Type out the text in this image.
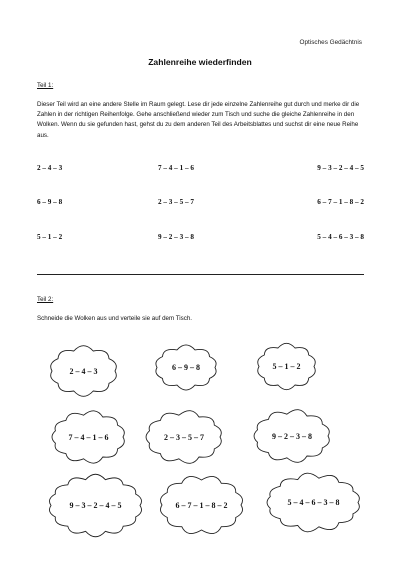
Optisches Gedächtnis
Zahlenreihe wiederfinden
Teil 1:
Dieser Teil wird an eine andere Stelle im Raum gelegt. Lese dir jede einzelne Zahlenreihe gut durch und merke dir die Zahlen in der richtigen Reihenfolge. Gehe anschließend wieder zum Tisch und suche die gleiche Zahlenreihe in den Wolken. Wenn du sie gefunden hast, gehst du zu dem anderen Teil des Arbeitsblattes und suchst dir eine neue Reihe aus.
2 – 4 – 3	7 – 4 – 1 – 6	9 – 3 – 2 – 4 – 5
6 – 9 – 8	2 – 3 – 5 – 7	6 – 7 – 1 – 8 – 2
5 – 1 – 2	9 – 2 – 3 – 8	5 – 4 – 6 – 3 – 8
Teil 2:
Schneide die Wolken aus und verteile sie auf dem Tisch.
2 – 4 – 3	6 – 9 – 8	5 – 1 – 2
7 – 4 – 1 – 6	2 – 3 – 5 – 7	9 – 2 – 3 – 8
9 – 3 – 2 – 4 – 5	6 – 7 – 1 – 8 – 2	5 – 4 – 6 – 3 – 8
